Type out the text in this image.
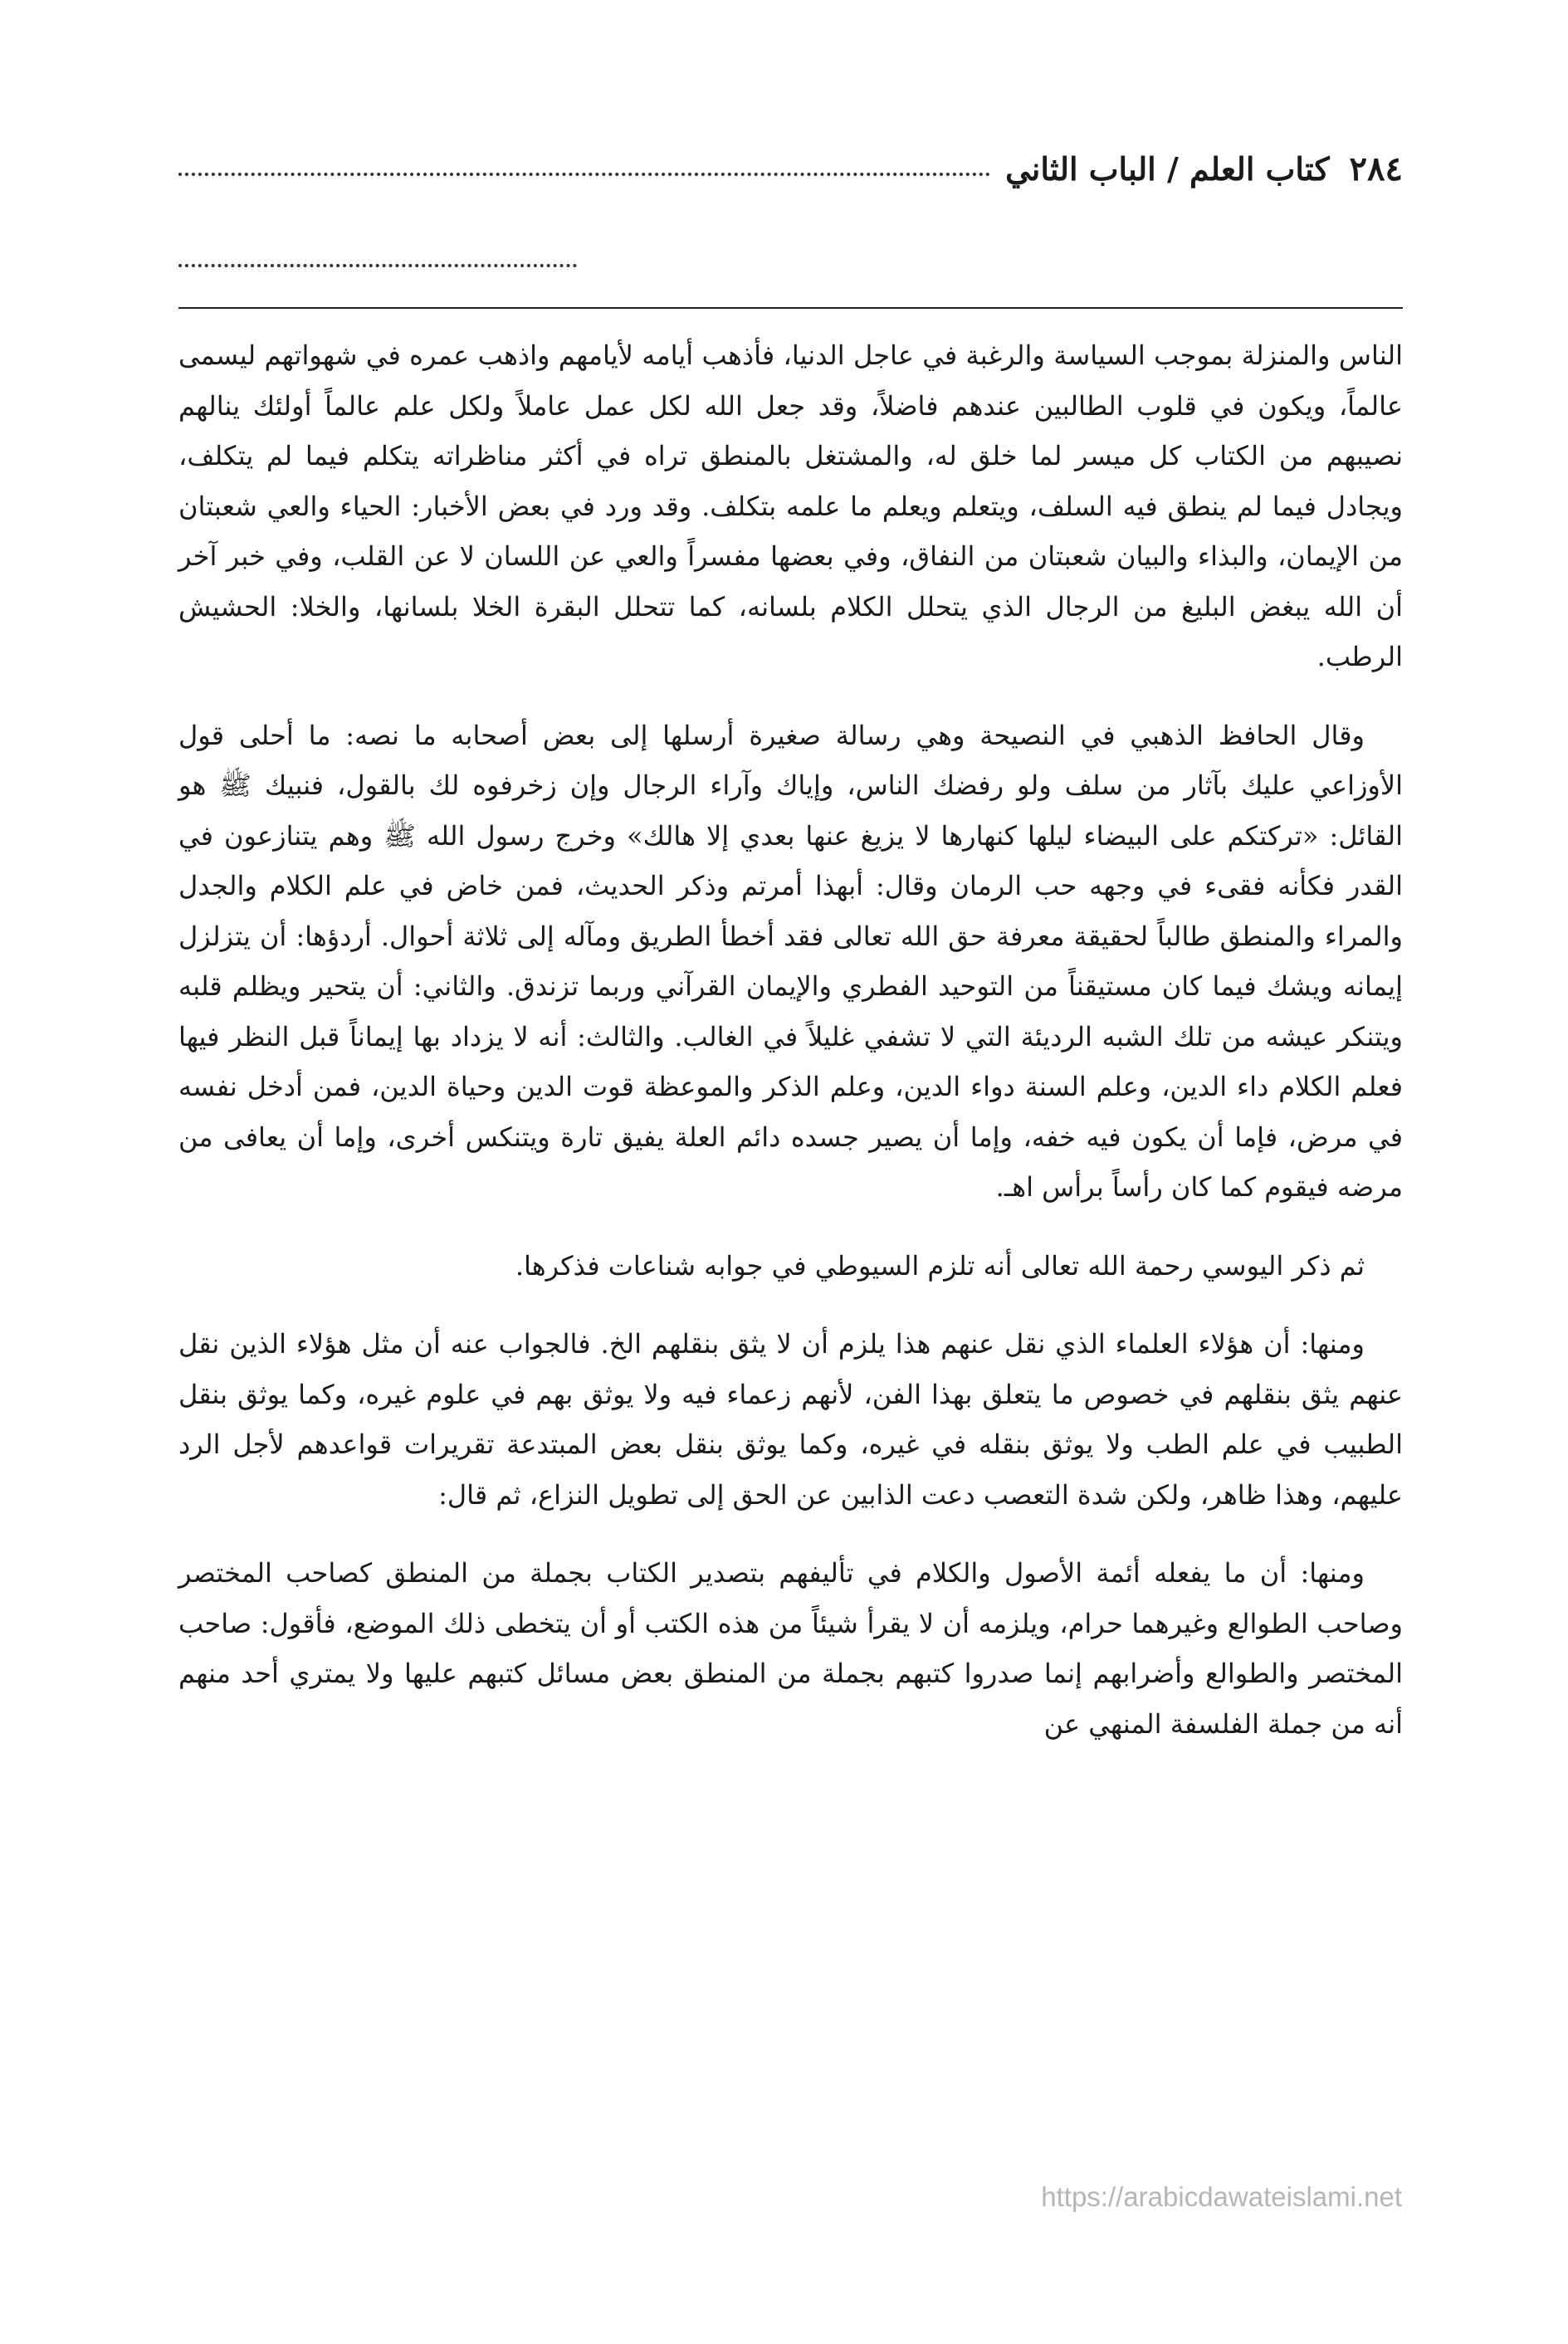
٢٨٤
كتاب العلم / الباب الثاني

الناس والمنزلة بموجب السياسة والرغبة في عاجل الدنيا، فأذهب أيامه لأيامهم واذهب عمره في شهواتهم ليسمى عالماً، ويكون في قلوب الطالبين عندهم فاضلاً، وقد جعل الله لكل عمل عاملاً ولكل علم عالماً أولئك ينالهم نصيبهم من الكتاب كل ميسر لما خلق له، والمشتغل بالمنطق تراه في أكثر مناظراته يتكلم فيما لم يتكلف، ويجادل فيما لم ينطق فيه السلف، ويتعلم ويعلم ما علمه بتكلف. وقد ورد في بعض الأخبار: الحياء والعي شعبتان من الإيمان، والبذاء والبيان شعبتان من النفاق، وفي بعضها مفسراً والعي عن اللسان لا عن القلب، وفي خبر آخر أن الله يبغض البليغ من الرجال الذي يتحلل الكلام بلسانه، كما تتحلل البقرة الخلا بلسانها، والخلا: الحشيش الرطب.

وقال الحافظ الذهبي في النصيحة وهي رسالة صغيرة أرسلها إلى بعض أصحابه ما نصه: ما أحلى قول الأوزاعي عليك بآثار من سلف ولو رفضك الناس، وإياك وآراء الرجال وإن زخرفوه لك بالقول، فنبيك ﷺ هو القائل: «تركتكم على البيضاء ليلها كنهارها لا يزيغ عنها بعدي إلا هالك» وخرج رسول الله ﷺ وهم يتنازعون في القدر فكأنه فقىء في وجهه حب الرمان وقال: أبهذا أمرتم وذكر الحديث، فمن خاض في علم الكلام والجدل والمراء والمنطق طالباً لحقيقة معرفة حق الله تعالى فقد أخطأ الطريق ومآله إلى ثلاثة أحوال. أردؤها: أن يتزلزل إيمانه ويشك فيما كان مستيقناً من التوحيد الفطري والإيمان القرآني وربما تزندق. والثاني: أن يتحير ويظلم قلبه ويتنكر عيشه من تلك الشبه الرديئة التي لا تشفي غليلاً في الغالب. والثالث: أنه لا يزداد بها إيماناً قبل النظر فيها فعلم الكلام داء الدين، وعلم السنة دواء الدين، وعلم الذكر والموعظة قوت الدين وحياة الدين، فمن أدخل نفسه في مرض، فإما أن يكون فيه خفه، وإما أن يصير جسده دائم العلة يفيق تارة ويتنكس أخرى، وإما أن يعافى من مرضه فيقوم كما كان رأساً برأس اهـ.

ثم ذكر اليوسي رحمة الله تعالى أنه تلزم السيوطي في جوابه شناعات فذكرها.

ومنها: أن هؤلاء العلماء الذي نقل عنهم هذا يلزم أن لا يثق بنقلهم الخ. فالجواب عنه أن مثل هؤلاء الذين نقل عنهم يثق بنقلهم في خصوص ما يتعلق بهذا الفن، لأنهم زعماء فيه ولا يوثق بهم في علوم غيره، وكما يوثق بنقل الطبيب في علم الطب ولا يوثق بنقله في غيره، وكما يوثق بنقل بعض المبتدعة تقريرات قواعدهم لأجل الرد عليهم، وهذا ظاهر، ولكن شدة التعصب دعت الذابين عن الحق إلى تطويل النزاع، ثم قال:

ومنها: أن ما يفعله أئمة الأصول والكلام في تأليفهم بتصدير الكتاب بجملة من المنطق كصاحب المختصر وصاحب الطوالع وغيرهما حرام، ويلزمه أن لا يقرأ شيئاً من هذه الكتب أو أن يتخطى ذلك الموضع، فأقول: صاحب المختصر والطوالع وأضرابهم إنما صدروا كتبهم بجملة من المنطق بعض مسائل كتبهم عليها ولا يمتري أحد منهم أنه من جملة الفلسفة المنهي عن

https://arabicdawateislami.net
